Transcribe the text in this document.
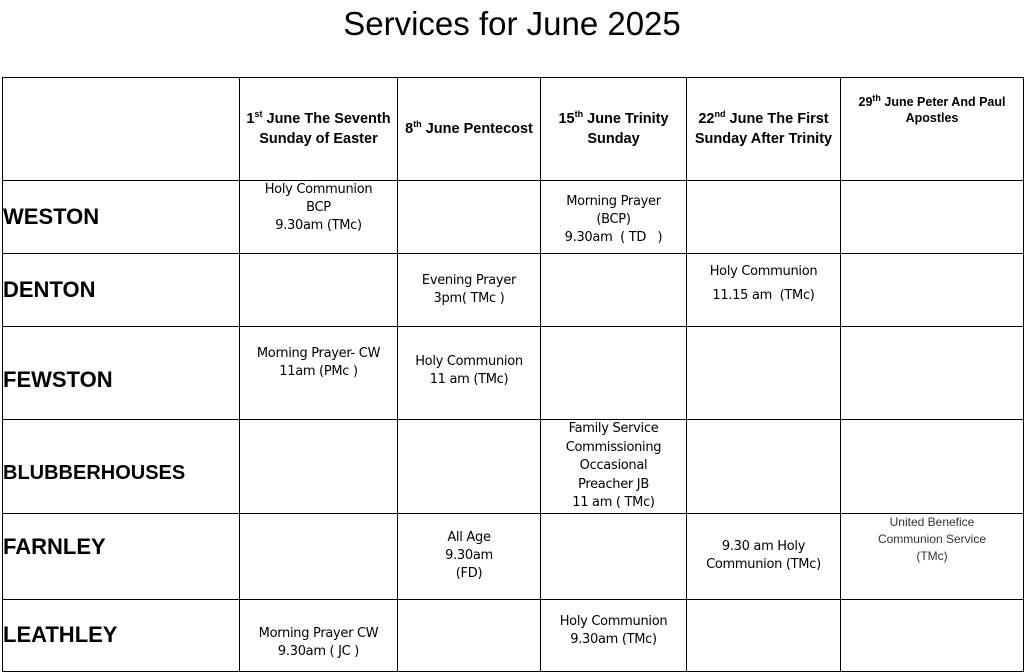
Services for June 2025
	1st June The Seventh Sunday of Easter	8th June Pentecost	15th June Trinity Sunday	22nd June The First Sunday After Trinity	29th June Peter And Paul Apostles
WESTON	Holy Communion
BCP
9.30am (TMc)		Morning Prayer
(BCP)
9.30am  ( TD   )		

DENTON		Evening Prayer
3pm( TMc )		Holy Communion
11.15 am  (TMc)	

FEWSTON	Morning Prayer- CW
11am (PMc )	Holy Communion
11 am (TMc)			

BLUBBERHOUSES			Family Service
Commissioning
Occasional
Preacher JB
11 am ( TMc)		

FARNLEY		All Age
9.30am
(FD)		9.30 am Holy
Communion (TMc)	United Benefice
Communion Service
(TMc)

LEATHLEY	Morning Prayer CW
9.30am ( JC )		Holy Communion
9.30am (TMc)		
